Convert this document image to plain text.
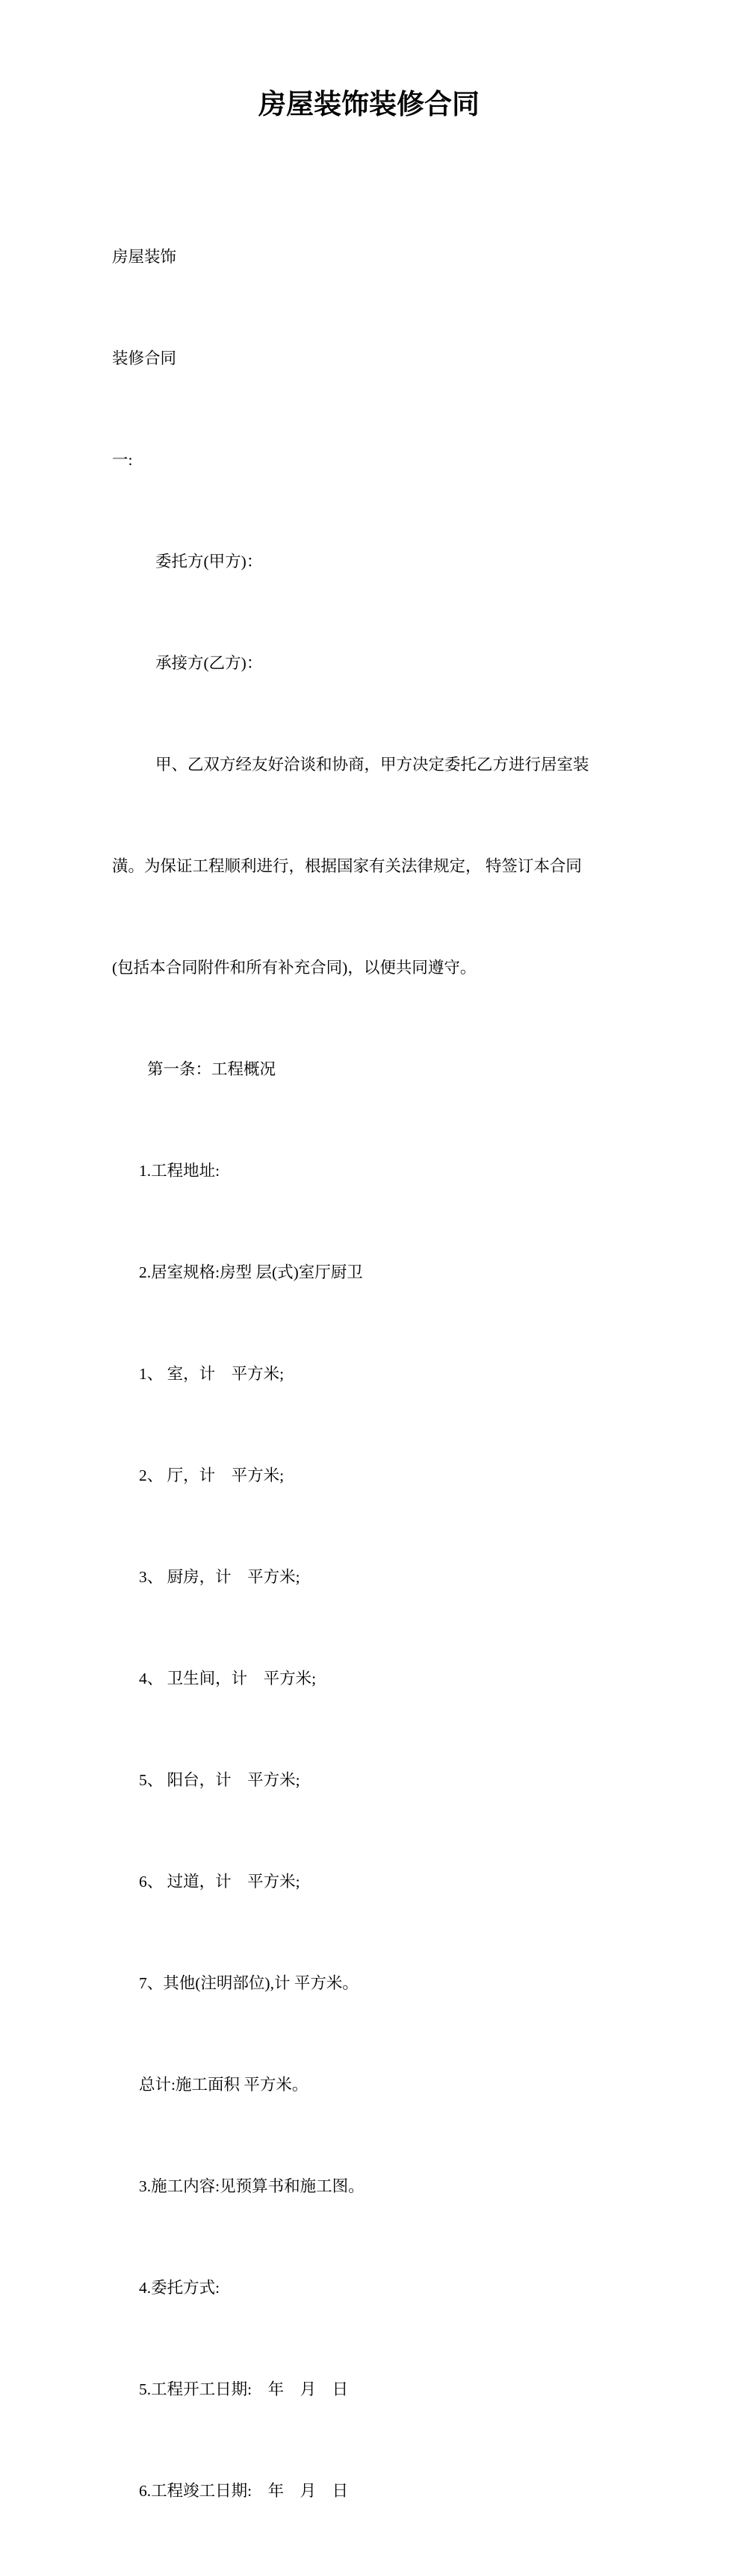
房屋装饰装修合同

房屋装饰

装修合同

一:

委托方(甲方)：

承接方(乙方)：

甲、乙双方经友好洽谈和协商，甲方决定委托乙方进行居室装

潢。为保证工程顺利进行，根据国家有关法律规定， 特签订本合同

(包括本合同附件和所有补充合同)，以便共同遵守。

第一条：工程概况

1.工程地址:

2.居室规格:房型 层(式)室厅厨卫

1、 室，计　平方米;

2、 厅，计　平方米;

3、 厨房，计　平方米;

4、 卫生间，计　平方米;

5、 阳台，计　平方米;

6、 过道，计　平方米;

7、其他(注明部位),计 平方米。

总计:施工面积 平方米。

3.施工内容:见预算书和施工图。

4.委托方式:

5.工程开工日期:　年　月　日

6.工程竣工日期:　年　月　日
